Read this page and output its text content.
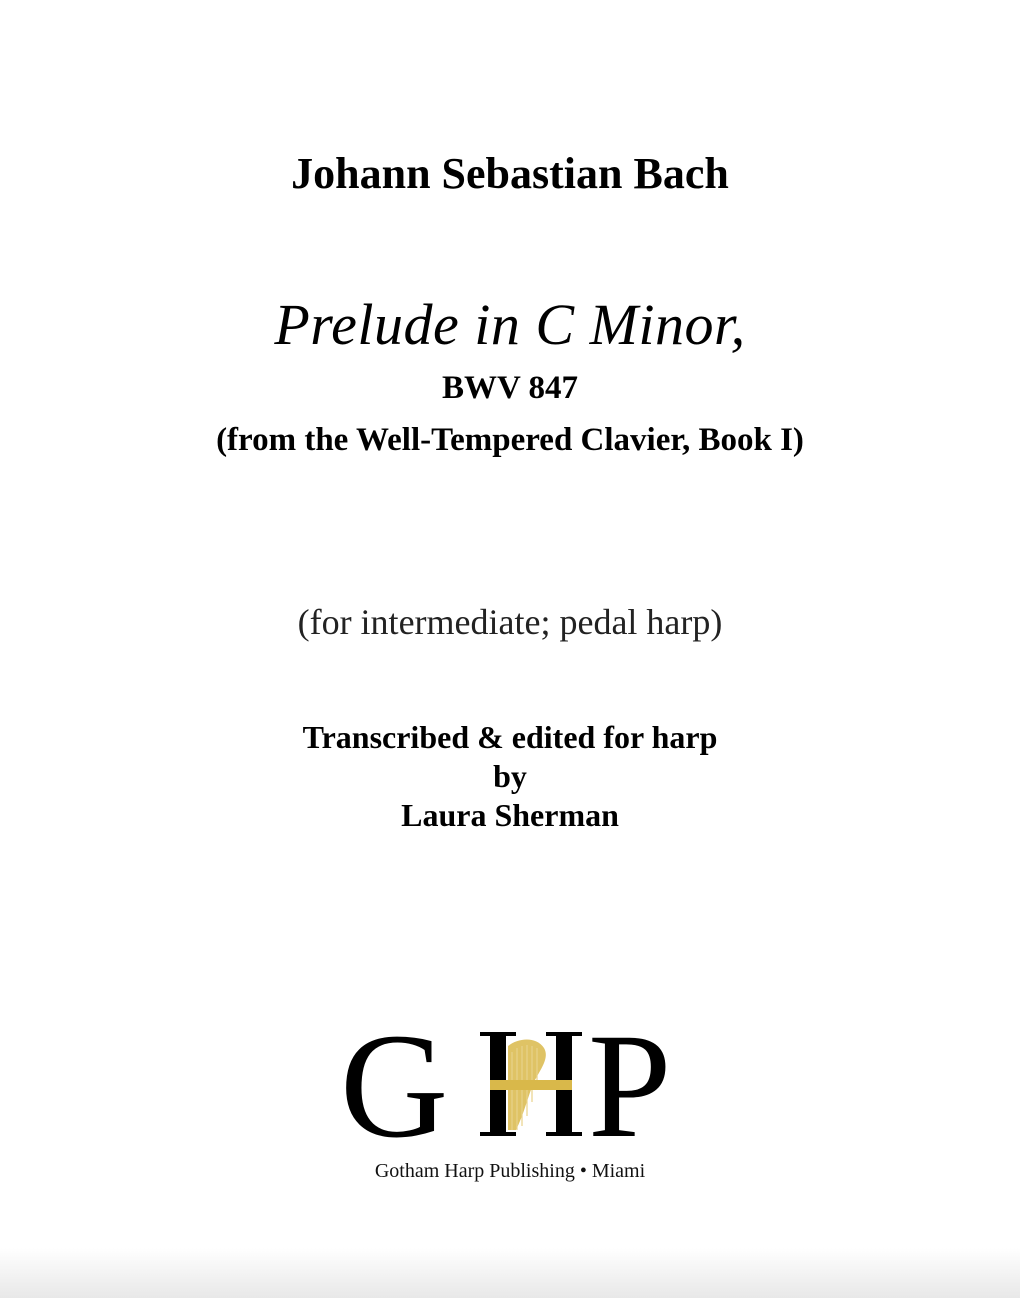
Johann Sebastian Bach
Prelude in C Minor,
BWV 847
(from the Well-Tempered Clavier, Book I)
(for intermediate; pedal harp)
Transcribed & edited for harp
by
Laura Sherman
G P
Gotham Harp Publishing • Miami
